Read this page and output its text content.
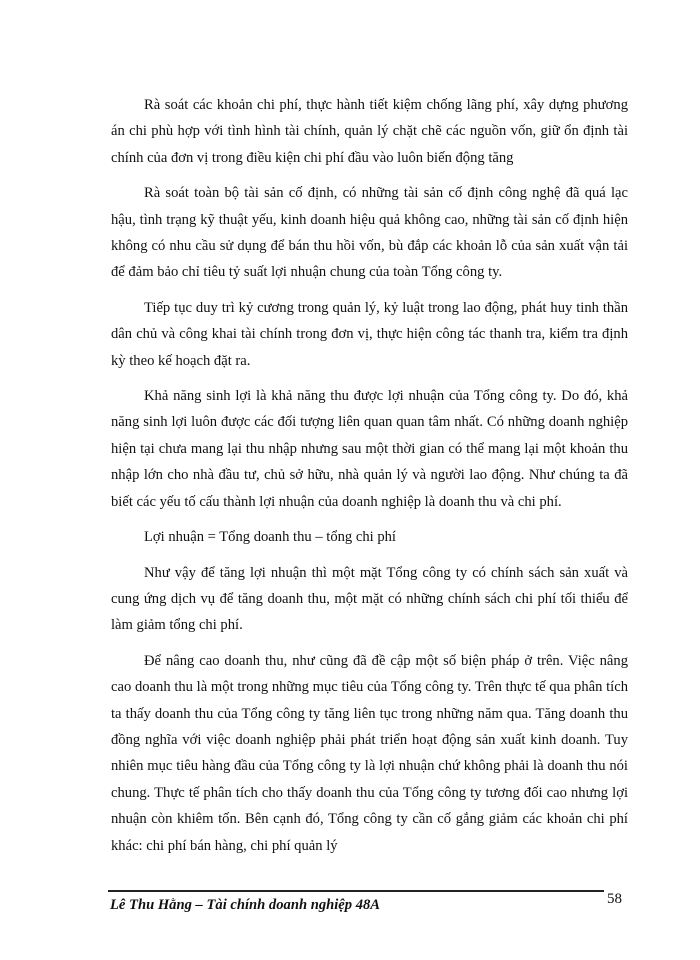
Rà soát các khoản chi phí, thực hành tiết kiệm chống lãng phí, xây dựng phương án chi phù hợp với tình hình tài chính, quản lý chặt chẽ các nguồn vốn, giữ ổn định tài chính của đơn vị trong điều kiện chi phí đầu vào luôn biến động tăng

Rà soát toàn bộ tài sản cố định, có những tài sản cố định công nghệ đã quá lạc hậu, tình trạng kỹ thuật yếu, kinh doanh hiệu quả không cao, những tài sản cố định hiện không có nhu cầu sử dụng để bán thu hồi vốn, bù đắp các khoản lỗ của sản xuất vận tải để đảm bảo chỉ tiêu tỷ suất lợi nhuận chung của toàn Tổng công ty.

Tiếp tục duy trì kỷ cương trong quản lý, kỷ luật trong lao động, phát huy tinh thần dân chủ và công khai tài chính trong đơn vị, thực hiện công tác thanh tra, kiểm tra định kỳ theo kế hoạch đặt ra.

Khả năng sinh lợi là khả năng thu được lợi nhuận của Tổng công ty. Do đó, khả năng sinh lợi luôn được các đối tượng liên quan quan tâm nhất. Có những doanh nghiệp hiện tại chưa mang lại thu nhập nhưng sau một thời gian có thể mang lại một khoản thu nhập lớn cho nhà đầu tư, chủ sở hữu, nhà quản lý và người lao động. Như chúng ta đã biết các yếu tố cấu thành lợi nhuận của doanh nghiệp là doanh thu và chi phí.

Lợi nhuận = Tổng doanh thu – tổng chi phí

Như vậy để tăng lợi nhuận thì một mặt Tổng công ty có chính sách sản xuất và cung ứng dịch vụ để tăng doanh thu, một mặt có những chính sách chi phí tối thiểu để làm giảm tổng chi phí.

Để nâng cao doanh thu, như cũng đã đề cập một số biện pháp ở trên. Việc nâng cao doanh thu là một trong những mục tiêu của Tổng công ty. Trên thực tế qua phân tích ta thấy doanh thu của Tổng công ty tăng liên tục trong những năm qua. Tăng doanh thu đồng nghĩa với việc doanh nghiệp phải phát triển hoạt động sản xuất kinh doanh. Tuy nhiên mục tiêu hàng đầu của Tổng công ty là lợi nhuận chứ không phải là doanh thu nói chung. Thực tế phân tích cho thấy doanh thu của Tổng công ty tương đối cao nhưng lợi nhuận còn khiêm tốn. Bên cạnh đó, Tổng công ty cần cố gắng giảm các khoản chi phí khác: chi phí bán hàng, chi phí quản lý

Lê Thu Hằng – Tài chính doanh nghiệp 48A	58
